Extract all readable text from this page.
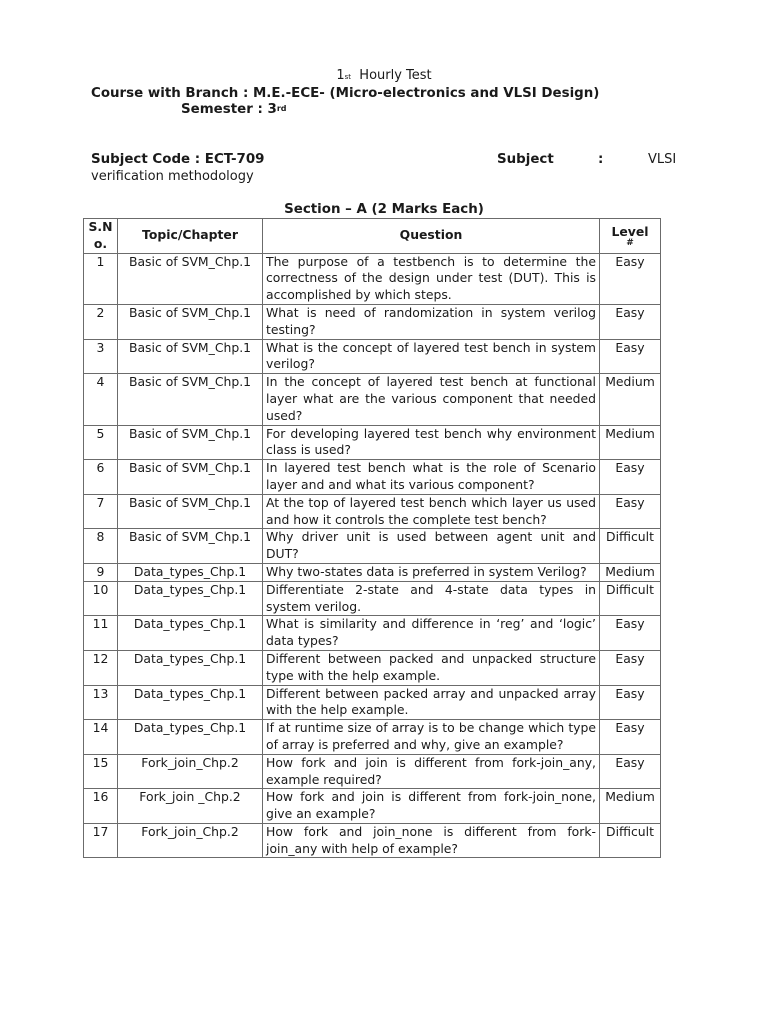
1st Hourly Test
Course with Branch : M.E.-ECE- (Micro-electronics and VLSI Design)
Semester : 3rd
Subject Code : ECT-709	Subject	:	VLSI
verification methodology
Section – A (2 Marks Each)
S.No.	Topic/Chapter	Question	Level
#

1	Basic of SVM_Chp.1	The purpose of a testbench is to determine the correctness of the design under test (DUT). This is accomplished by which steps.	Easy
2	Basic of SVM_Chp.1	What is need of randomization in system verilog testing?	Easy
3	Basic of SVM_Chp.1	What is the concept of layered test bench in system verilog?	Easy
4	Basic of SVM_Chp.1	In the concept of layered test bench at functional layer what are the various component that needed used?	Medium
5	Basic of SVM_Chp.1	For developing layered test bench why environment class is used?	Medium
6	Basic of SVM_Chp.1	In layered test bench what is the role of Scenario layer and and what its various component?	Easy
7	Basic of SVM_Chp.1	At the top of layered test bench which layer us used and how it controls the complete test bench?	Easy
8	Basic of SVM_Chp.1	Why driver unit is used between agent unit and DUT?	Difficult
9	Data_types_Chp.1	Why two-states data is preferred in system Verilog?	Medium
10	Data_types_Chp.1	Differentiate 2-state and 4-state data types in system verilog.	Difficult
11	Data_types_Chp.1	What is similarity and difference in ‘reg’ and ‘logic’ data types?	Easy
12	Data_types_Chp.1	Different between packed and unpacked structure type with the help example.	Easy
13	Data_types_Chp.1	Different between packed array and unpacked array with the help example.	Easy
14	Data_types_Chp.1	If at runtime size of array is to be change which type of array is preferred and why, give an example?	Easy
15	Fork_join_Chp.2	How fork and join is different from fork-join_any, example required?	Easy
16	Fork_join _Chp.2	How fork and join is different from fork-join_none, give an example?	Medium
17	Fork_join_Chp.2	How fork and join_none is different from fork-join_any with help of example?	Difficult
